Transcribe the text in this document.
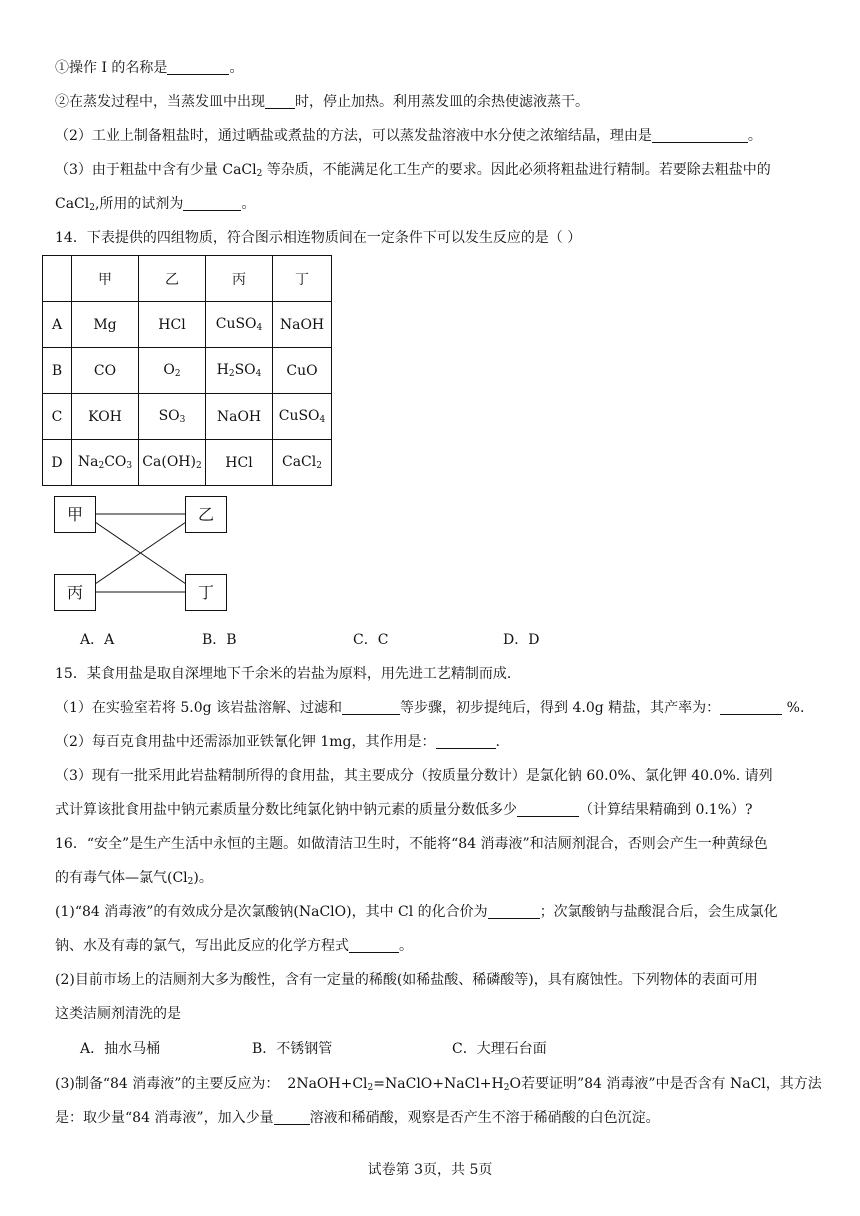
①操作 I 的名称是	。
②在蒸发过程中，当蒸发皿中出现 时，停止加热。利用蒸发皿的余热使滤液蒸干。
（2）工业上制备粗盐时，通过晒盐或煮盐的方法，可以蒸发盐溶液中水分使之浓缩结晶，理由是	。
（3）由于粗盐中含有少量 CaCl$_2$ 等杂质，不能满足化工生产的要求。因此必须将粗盐进行精制。若要除去粗盐中的
CaCl$_2$,所用的试剂为	。
14．下表提供的四组物质，符合图示相连物质间在一定条件下可以发生反应的是（ ）
	甲	乙	丙	丁
A	Mg	HCl	CuSO$_4$	NaOH
B	CO	$O_2$	$H_2SO_4$	CuO
C	KOH	$SO_3$	NaOH	CuSO$_4$
D	$Na_2CO_3$	$Ca(OH)_2$	HCl	CaCl$_2$
甲	乙
丙	丁
A．A	B．B	C．C	D．D
15．某食用盐是取自深埋地下千余米的岩盐为原料，用先进工艺精制而成．
（1）在实验室若将 5.0g 该岩盐溶解、过滤和	等步骤，初步提纯后，得到 4.0g 精盐，其产率为：	%.
（2）每百克食用盐中还需添加亚铁氰化钾 1mg，其作用是：	.
（3）现有一批采用此岩盐精制所得的食用盐，其主要成分（按质量分数计）是氯化钠 60.0%、氯化钾 40.0%. 请列
式计算该批食用盐中钠元素质量分数比纯氯化钠中钠元素的质量分数低多少	（计算结果精确到 0.1%）?
16．“安全”是生产生活中永恒的主题。如做清洁卫生时，不能将“84 消毒液”和洁厕剂混合，否则会产生一种黄绿色
的有毒气体—氯气$(Cl_2)$。
(1)“84 消毒液”的有效成分是次氯酸钠(NaClO)，其中 Cl 的化合价为	；次氯酸钠与盐酸混合后，会生成氯化
钠、水及有毒的氯气，写出此反应的化学方程式	。
(2)目前市场上的洁厕剂大多为酸性，含有一定量的稀酸(如稀盐酸、稀磷酸等)，具有腐蚀性。下列物体的表面可用
这类洁厕剂清洗的是
A．抽水马桶	B．不锈钢管	C．大理石台面
(3)制备“84 消毒液”的主要反应为： $2NaOH+Cl_2=NaClO+NaCl+H_2O$若要证明”84 消毒液”中是否含有 NaCl，其方法
是：取少量“84 消毒液”，加入少量	溶液和稀硝酸，观察是否产生不溶于稀硝酸的白色沉淀。
试卷第 3页，共 5页
